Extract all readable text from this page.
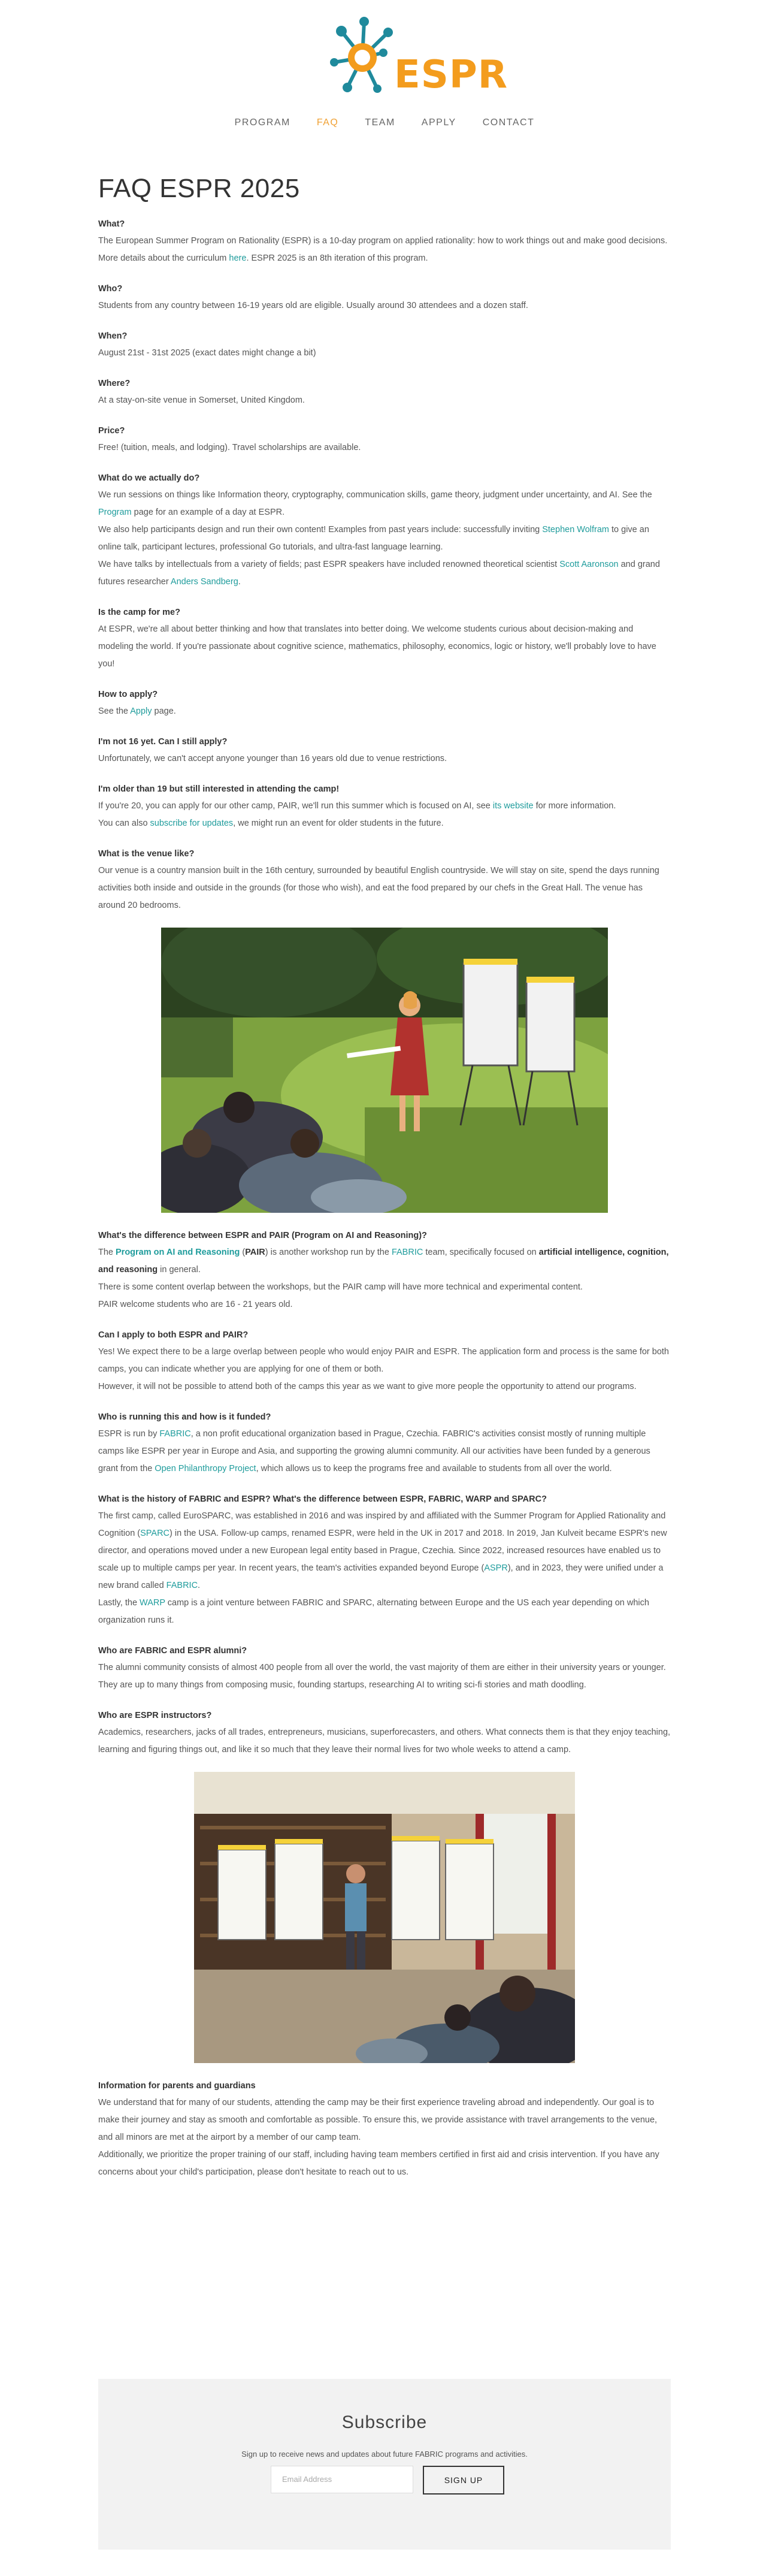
ESPR
PROGRAM	FAQ	TEAM	APPLY	CONTACT
FAQ ESPR 2025
What?
The European Summer Program on Rationality (ESPR) is a 10-day program on applied rationality: how to work things out and make good decisions. More details about the curriculum here. ESPR 2025 is an 8th iteration of this program.
Who?
Students from any country between 16-19 years old are eligible. Usually around 30 attendees and a dozen staff.
When?
August 21st - 31st 2025 (exact dates might change a bit)
Where?
At a stay-on-site venue in Somerset, United Kingdom.
Price?
Free! (tuition, meals, and lodging). Travel scholarships are available.
What do we actually do?

We run sessions on things like Information theory, cryptography, communication skills, game theory, judgment under uncertainty, and AI. See the Program page for an example of a day at ESPR.

We also help participants design and run their own content! Examples from past years include: successfully inviting Stephen Wolfram to give an online talk, participant lectures, professional Go tutorials, and ultra-fast language learning.

We have talks by intellectuals from a variety of fields; past ESPR speakers have included renowned theoretical scientist Scott Aaronson and grand futures researcher Anders Sandberg.

Is the camp for me?
At ESPR, we're all about better thinking and how that translates into better doing. We welcome students curious about decision-making and modeling the world. If you're passionate about cognitive science, mathematics, philosophy, economics, logic or history, we'll probably love to have you!
How to apply?
See the Apply page.
I'm not 16 yet. Can I still apply?
Unfortunately, we can't accept anyone younger than 16 years old due to venue restrictions.
I'm older than 19 but still interested in attending the camp!

If you're 20, you can apply for our other camp, PAIR, we'll run this summer which is focused on AI, see its website for more information.

You can also subscribe for updates, we might run an event for older students in the future.

What is the venue like?
Our venue is a country mansion built in the 16th century, surrounded by beautiful English countryside. We will stay on site, spend the days running activities both inside and outside in the grounds (for those who wish), and eat the food prepared by our chefs in the Great Hall. The venue has around 20 bedrooms.
What's the difference between ESPR and PAIR (Program on AI and Reasoning)?

The Program on AI and Reasoning (PAIR) is another workshop run by the FABRIC team, specifically focused on artificial intelligence, cognition, and reasoning in general.

There is some content overlap between the workshops, but the PAIR camp will have more technical and experimental content.

PAIR welcome students who are 16 - 21 years old.

Can I apply to both ESPR and PAIR?

Yes! We expect there to be a large overlap between people who would enjoy PAIR and ESPR. The application form and process is the same for both camps, you can indicate whether you are applying for one of them or both.

However, it will not be possible to attend both of the camps this year as we want to give more people the opportunity to attend our programs.

Who is running this and how is it funded?
ESPR is run by FABRIC, a non profit educational organization based in Prague, Czechia. FABRIC's activities consist mostly of running multiple camps like ESPR per year in Europe and Asia, and supporting the growing alumni community. All our activities have been funded by a generous grant from the Open Philanthropy Project, which allows us to keep the programs free and available to students from all over the world.
What is the history of FABRIC and ESPR? What's the difference between ESPR, FABRIC, WARP and SPARC?

The first camp, called EuroSPARC, was established in 2016 and was inspired by and affiliated with the Summer Program for Applied Rationality and Cognition (SPARC) in the USA. Follow-up camps, renamed ESPR, were held in the UK in 2017 and 2018. In 2019, Jan Kulveit became ESPR's new director, and operations moved under a new European legal entity based in Prague, Czechia. Since 2022, increased resources have enabled us to scale up to multiple camps per year. In recent years, the team's activities expanded beyond Europe (ASPR), and in 2023, they were unified under a new brand called FABRIC.

Lastly, the WARP camp is a joint venture between FABRIC and SPARC, alternating between Europe and the US each year depending on which organization runs it.

Who are FABRIC and ESPR alumni?
The alumni community consists of almost 400 people from all over the world, the vast majority of them are either in their university years or younger. They are up to many things from composing music, founding startups, researching AI to writing sci-fi stories and math doodling.
Who are ESPR instructors?
Academics, researchers, jacks of all trades, entrepreneurs, musicians, superforecasters, and others. What connects them is that they enjoy teaching, learning and figuring things out, and like it so much that they leave their normal lives for two whole weeks to attend a camp.
Information for parents and guardians

We understand that for many of our students, attending the camp may be their first experience traveling abroad and independently. Our goal is to make their journey and stay as smooth and comfortable as possible. To ensure this, we provide assistance with travel arrangements to the venue, and all minors are met at the airport by a member of our camp team.

Additionally, we prioritize the proper training of our staff, including having team members certified in first aid and crisis intervention. If you have any concerns about your child's participation, please don't hesitate to reach out to us.

Subscribe
Sign up to receive news and updates about future FABRIC programs and activities.
Email Address	SIGN UP
